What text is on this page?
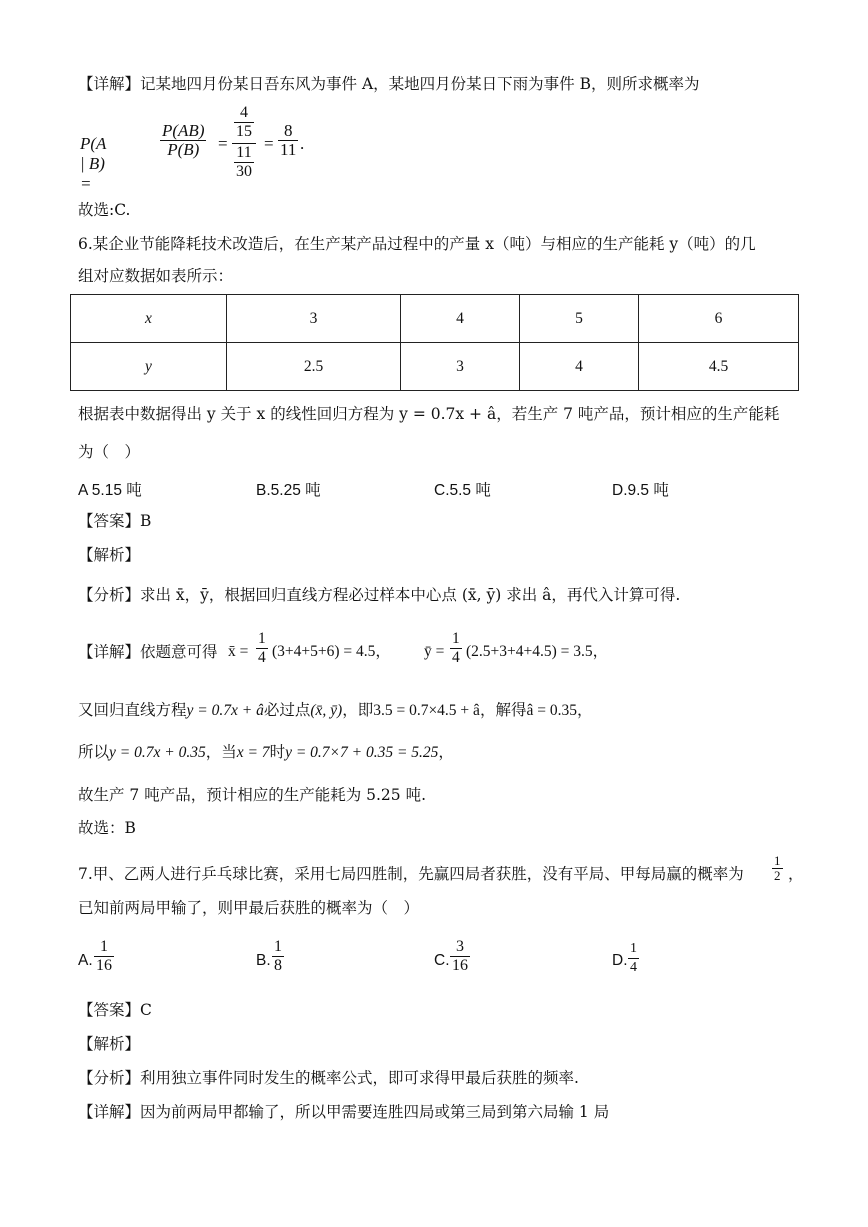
【详解】记某地四月份某日吾东风为事件 A，某地四月份某日下雨为事件 B，则所求概率为
P(A | B) =
$\frac{P(AB)}{P(B)} = \frac{\frac{4}{15}}{\frac{11}{30}} = \frac{8}{11}$ .
故选:C.
6.某企业节能降耗技术改造后，在生产某产品过程中的产量 x（吨）与相应的生产能耗 y（吨）的几
组对应数据如表所示：
x	3	4	5	6
y	2.5	3	4	4.5
根据表中数据得出 y 关于 x 的线性回归方程为 y = 0.7x + â，若生产 7 吨产品，预计相应的生产能耗
为（　）
A 5.15 吨	B.5.25 吨	C.5.5 吨	D.9.5 吨
【答案】B
【解析】
【分析】求出 x̄，ȳ，根据回归直线方程必过样本中心点 (x̄, ȳ) 求出 â，再代入计算可得.
【详解】依题意可得 x̄ = $\frac{1}{4} (3+4+5+6) = 4.5$， ȳ = $\frac{1}{4} (2.5+3+4+4.5) = 3.5$，
又回归直线方程y = 0.7x + â必过点(x̄, ȳ)，即3.5 = 0.7×4.5 + â，解得â = 0.35，
所以y = 0.7x + 0.35，当x = 7时y = 0.7×7 + 0.35 = 5.25，
故生产 7 吨产品，预计相应的生产能耗为 5.25 吨.
故选：B
7.甲、乙两人进行乒乓球比赛，采用七局四胜制，先赢四局者获胜，没有平局、甲每局赢的概率为 $\frac{1}{2}$ ，
已知前两局甲输了，则甲最后获胜的概率为（　）
A. $\frac{1}{16}$	B. $\frac{1}{8}$	C. $\frac{3}{16}$	D. $\frac{1}{4}$
【答案】C
【解析】
【分析】利用独立事件同时发生的概率公式，即可求得甲最后获胜的频率.
【详解】因为前两局甲都输了，所以甲需要连胜四局或第三局到第六局输 1 局
